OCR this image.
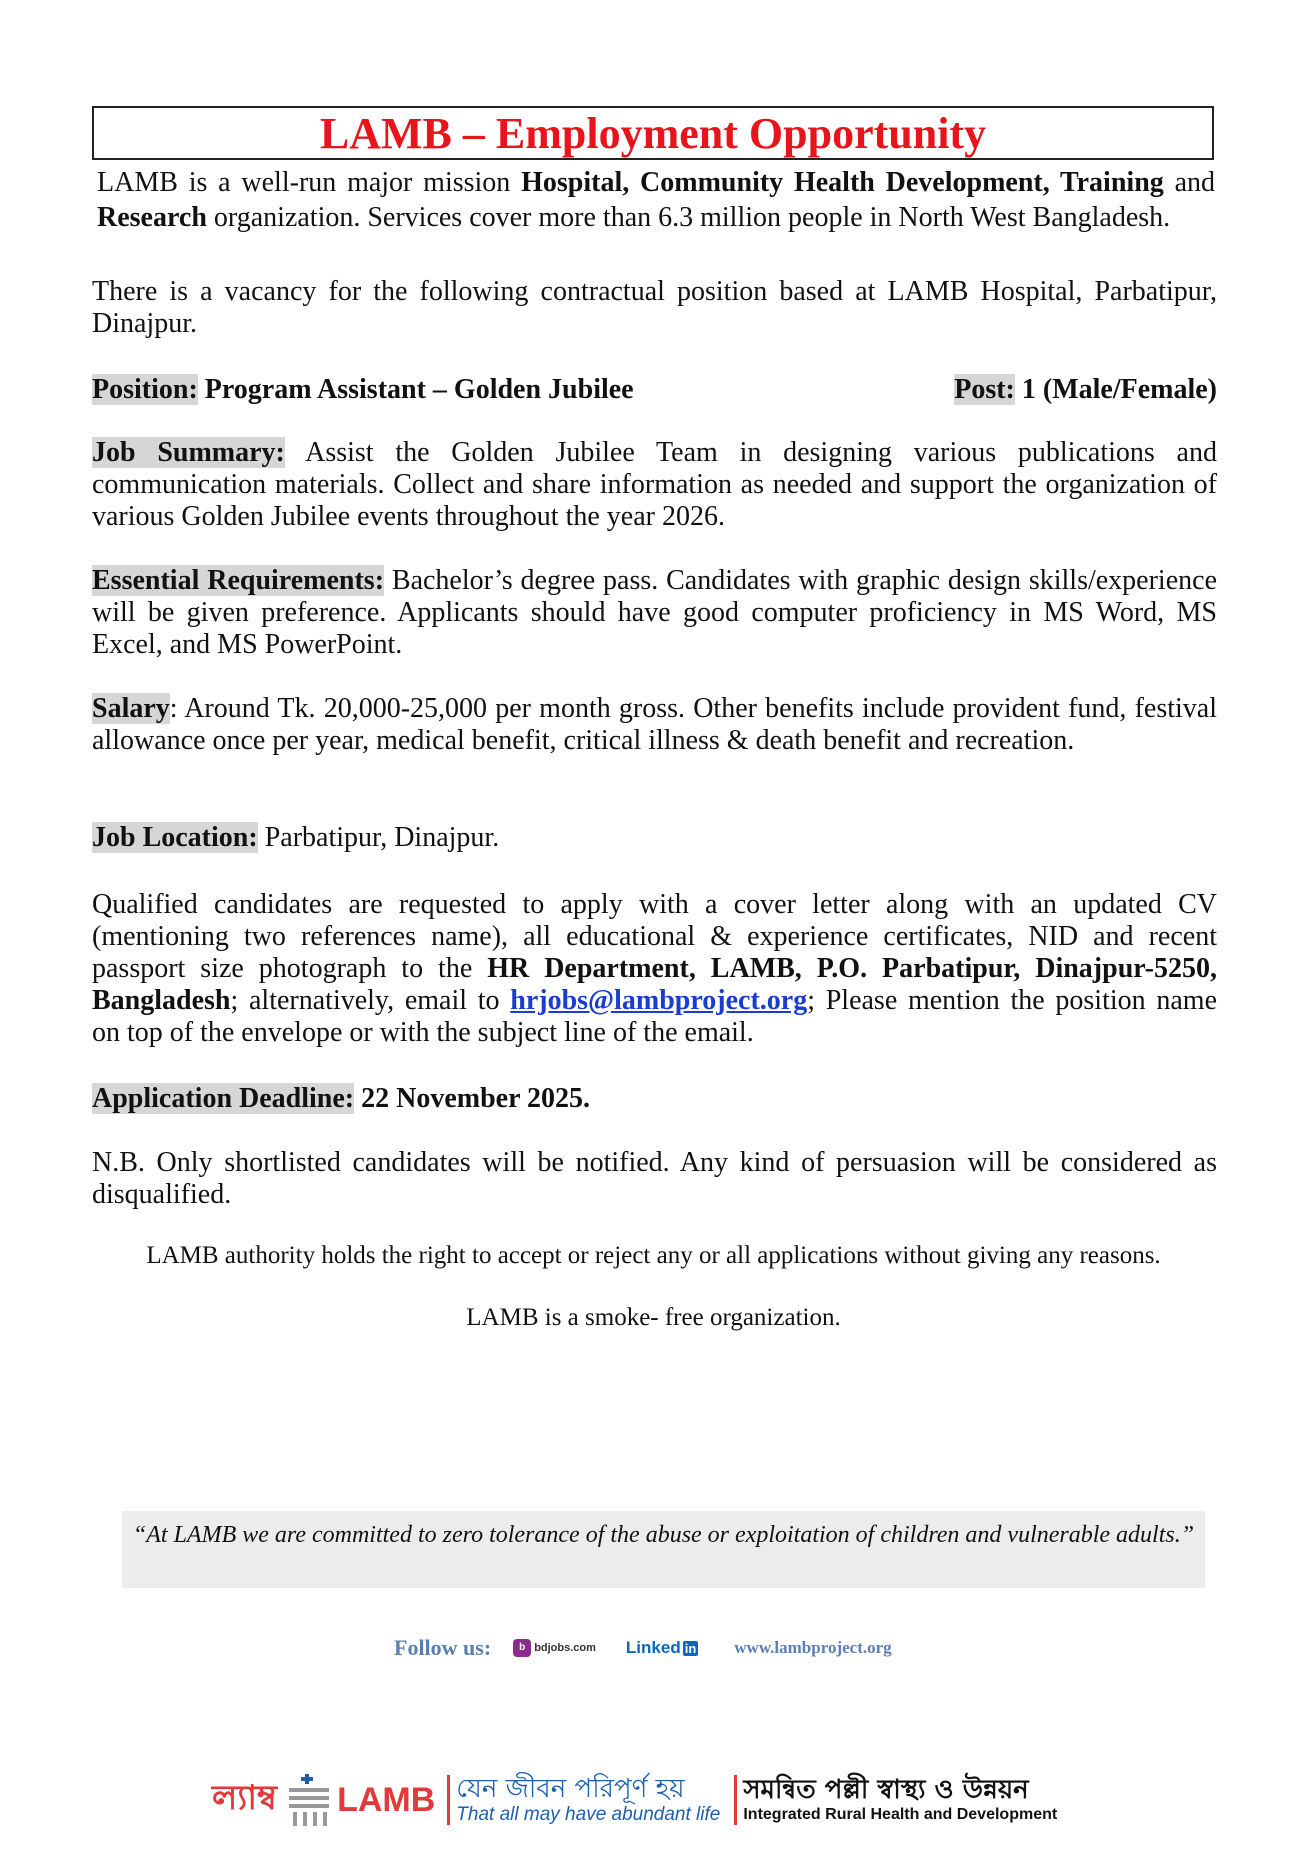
LAMB – Employment Opportunity
LAMB is a well-run major mission Hospital, Community Health Development, Training and Research organization. Services cover more than 6.3 million people in North West Bangladesh.
There is a vacancy for the following contractual position based at LAMB Hospital, Parbatipur, Dinajpur.
Position: Program Assistant – Golden Jubilee	Post: 1 (Male/Female)
Job Summary: Assist the Golden Jubilee Team in designing various publications and communication materials. Collect and share information as needed and support the organization of various Golden Jubilee events throughout the year 2026.
Essential Requirements: Bachelor’s degree pass. Candidates with graphic design skills/experience will be given preference. Applicants should have good computer proficiency in MS Word, MS Excel, and MS PowerPoint.
Salary: Around Tk. 20,000-25,000 per month gross. Other benefits include provident fund, festival allowance once per year, medical benefit, critical illness & death benefit and recreation.
Job Location: Parbatipur, Dinajpur.
Qualified candidates are requested to apply with a cover letter along with an updated CV (mentioning two references name), all educational & experience certificates, NID and recent passport size photograph to the HR Department, LAMB, P.O. Parbatipur, Dinajpur-5250, Bangladesh; alternatively, email to hrjobs@lambproject.org; Please mention the position name on top of the envelope or with the subject line of the email.
Application Deadline: 22 November 2025.
N.B. Only shortlisted candidates will be notified. Any kind of persuasion will be considered as disqualified.
LAMB authority holds the right to accept or reject any or all applications without giving any reasons.
LAMB is a smoke- free organization.
“At LAMB we are committed to zero tolerance of the abuse or exploitation of children and vulnerable adults.”
Follow us:	b bdjobs.com Linked in www.lambproject.org
ল্যাম্ব LAMB যেন জীবন পরিপূর্ণ হয়
That all may have abundant life
সমন্বিত পল্লী স্বাস্থ্য ও উন্নয়ন
Integrated Rural Health and Development
